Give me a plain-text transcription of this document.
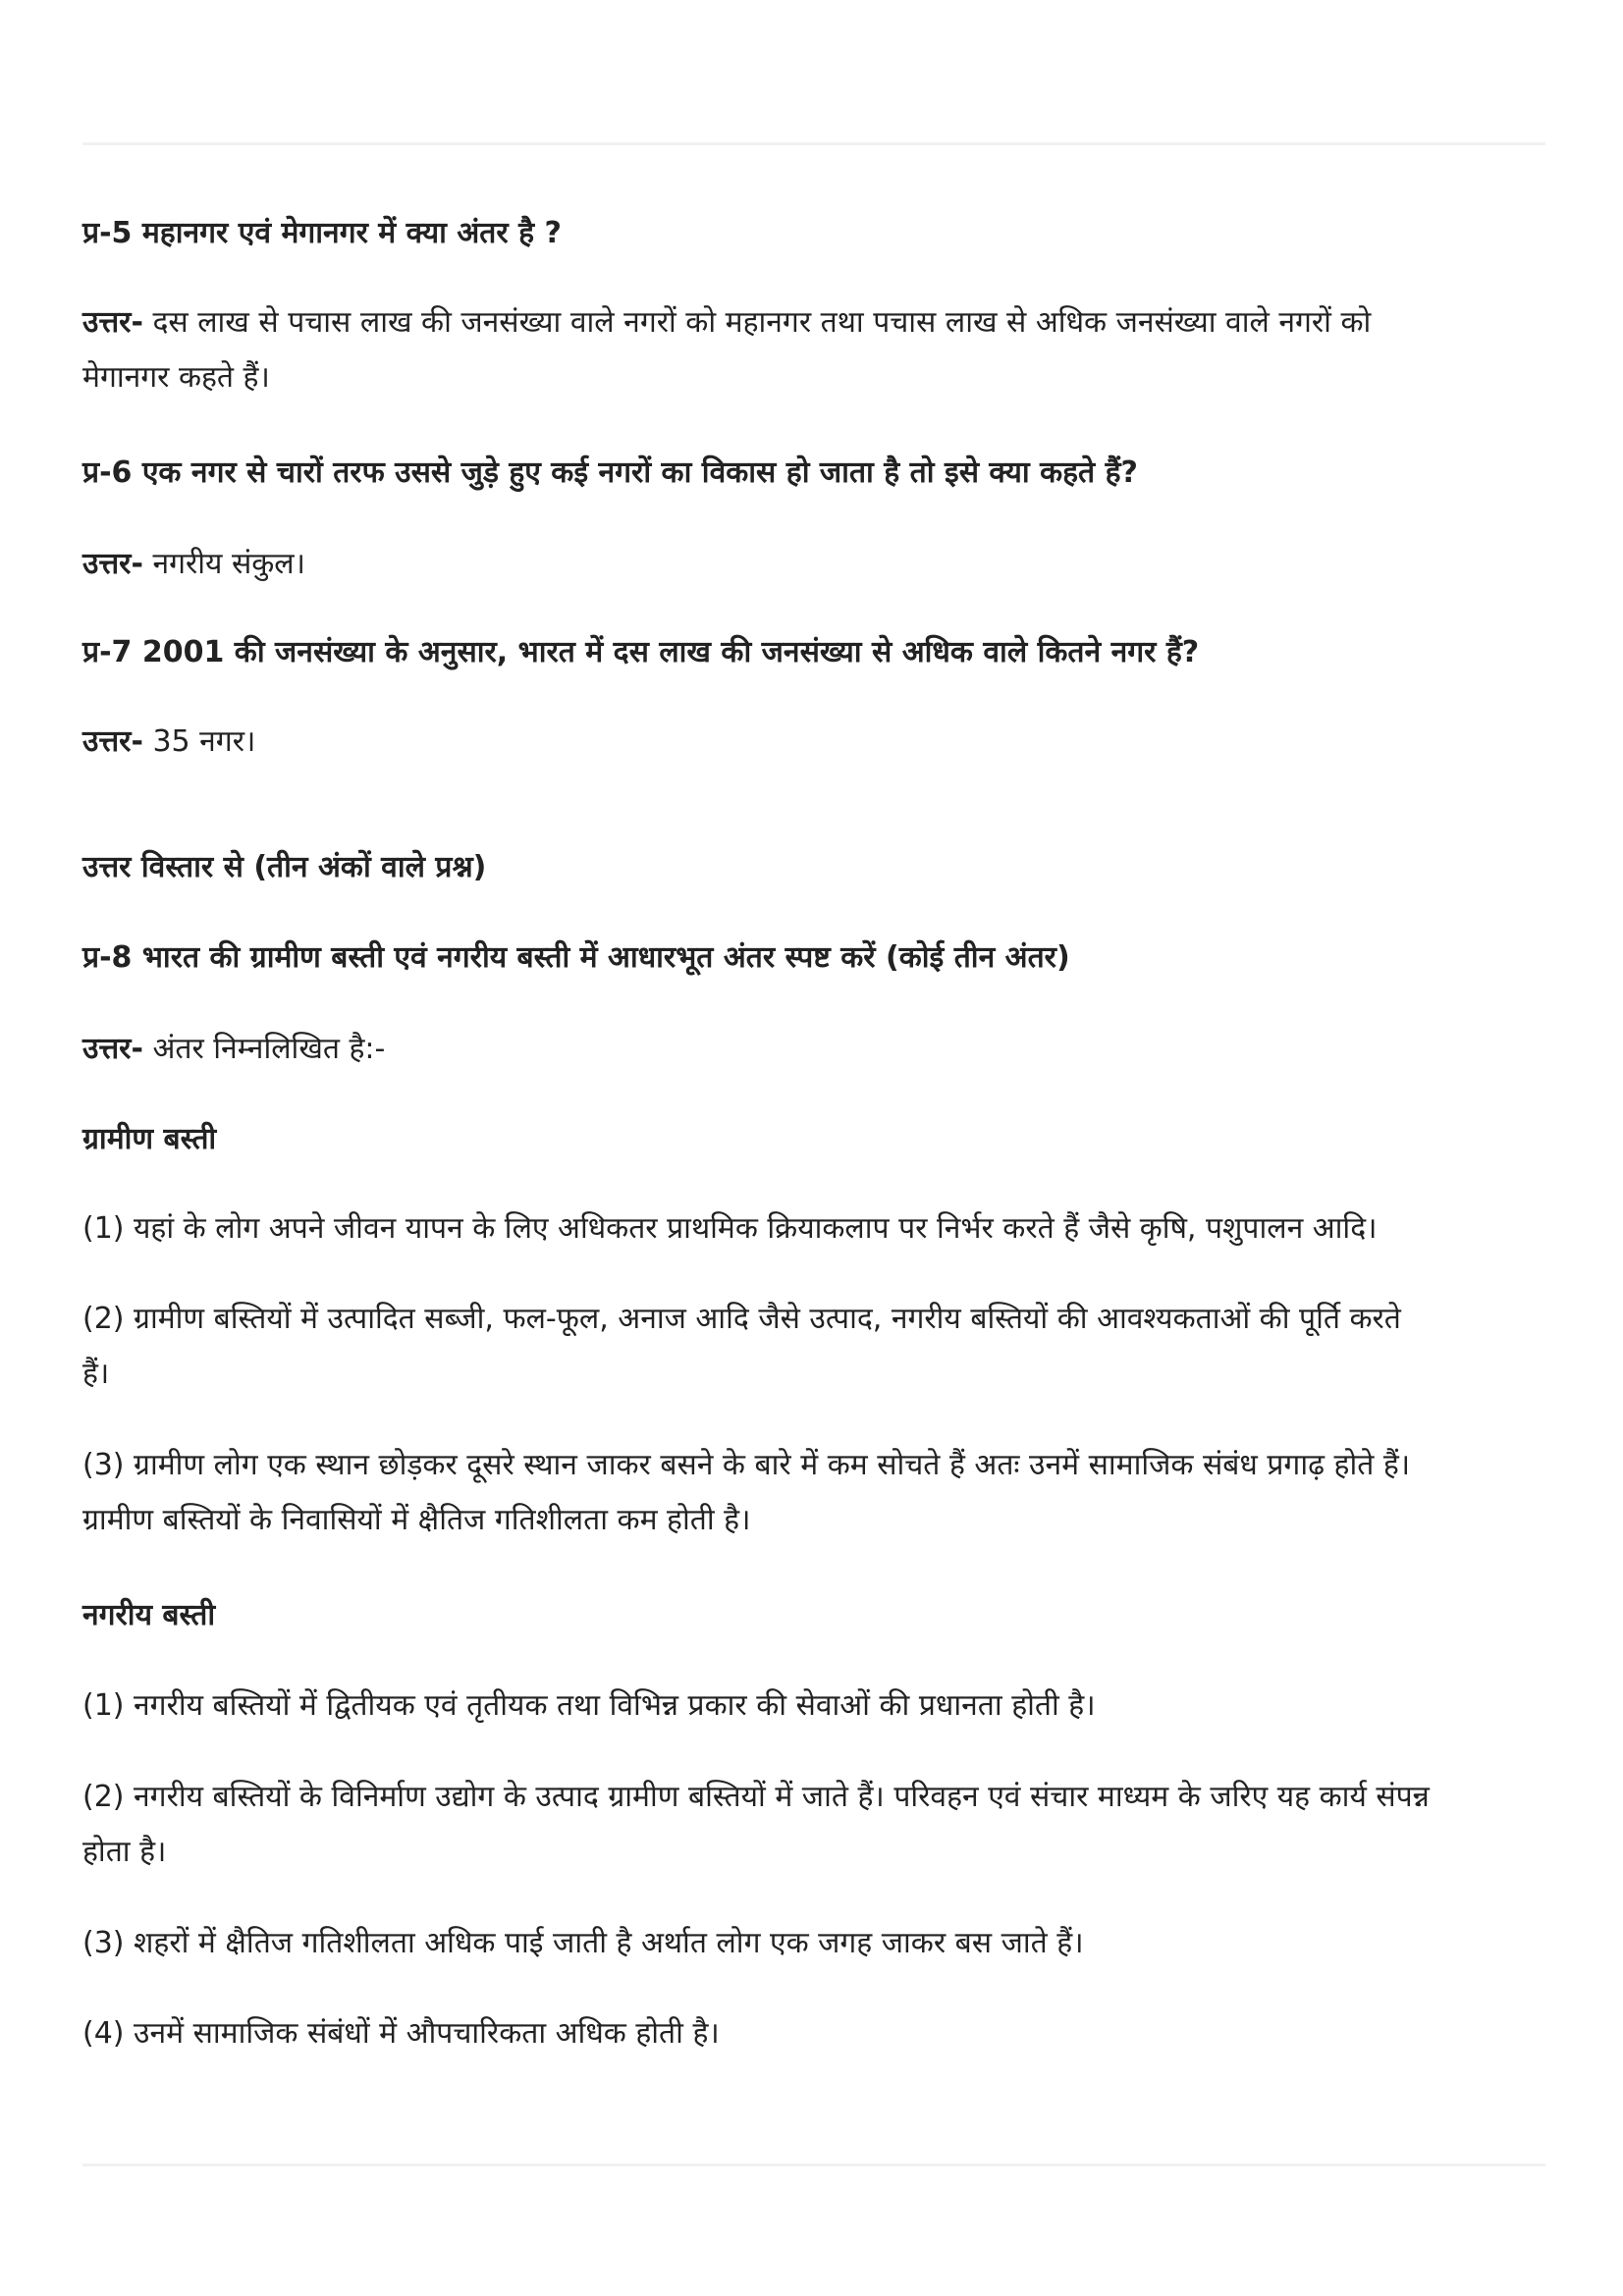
प्र-5 महानगर एवं मेगानगर में क्या अंतर है ?

उत्तर- दस लाख से पचास लाख की जनसंख्या वाले नगरों को महानगर तथा पचास लाख से अधिक जनसंख्या वाले नगरों को

मेगानगर कहते हैं।

प्र-6 एक नगर से चारों तरफ उससे जुड़े हुए कई नगरों का विकास हो जाता है तो इसे क्या कहते हैं?

उत्तर- नगरीय संकुल।

प्र-7 2001 की जनसंख्या के अनुसार, भारत में दस लाख की जनसंख्या से अधिक वाले कितने नगर हैं?

उत्तर- 35 नगर।

उत्तर विस्तार से (तीन अंकों वाले प्रश्न)

प्र-8 भारत की ग्रामीण बस्ती एवं नगरीय बस्ती में आधारभूत अंतर स्पष्ट करें (कोई तीन अंतर)

उत्तर- अंतर निम्नलिखित है:-

ग्रामीण बस्ती

(1) यहां के लोग अपने जीवन यापन के लिए अधिकतर प्राथमिक क्रियाकलाप पर निर्भर करते हैं जैसे कृषि, पशुपालन आदि।

(2) ग्रामीण बस्तियों में उत्पादित सब्जी, फल-फूल, अनाज आदि जैसे उत्पाद, नगरीय बस्तियों की आवश्यकताओं की पूर्ति करते

हैं।

(3) ग्रामीण लोग एक स्थान छोड़कर दूसरे स्थान जाकर बसने के बारे में कम सोचते हैं अतः उनमें सामाजिक संबंध प्रगाढ़ होते हैं।

ग्रामीण बस्तियों के निवासियों में क्षैतिज गतिशीलता कम होती है।

नगरीय बस्ती

(1) नगरीय बस्तियों में द्वितीयक एवं तृतीयक तथा विभिन्न प्रकार की सेवाओं की प्रधानता होती है।

(2) नगरीय बस्तियों के विनिर्माण उद्योग के उत्पाद ग्रामीण बस्तियों में जाते हैं। परिवहन एवं संचार माध्यम के जरिए यह कार्य संपन्न

होता है।

(3) शहरों में क्षैतिज गतिशीलता अधिक पाई जाती है अर्थात लोग एक जगह जाकर बस जाते हैं।

(4) उनमें सामाजिक संबंधों में औपचारिकता अधिक होती है।
